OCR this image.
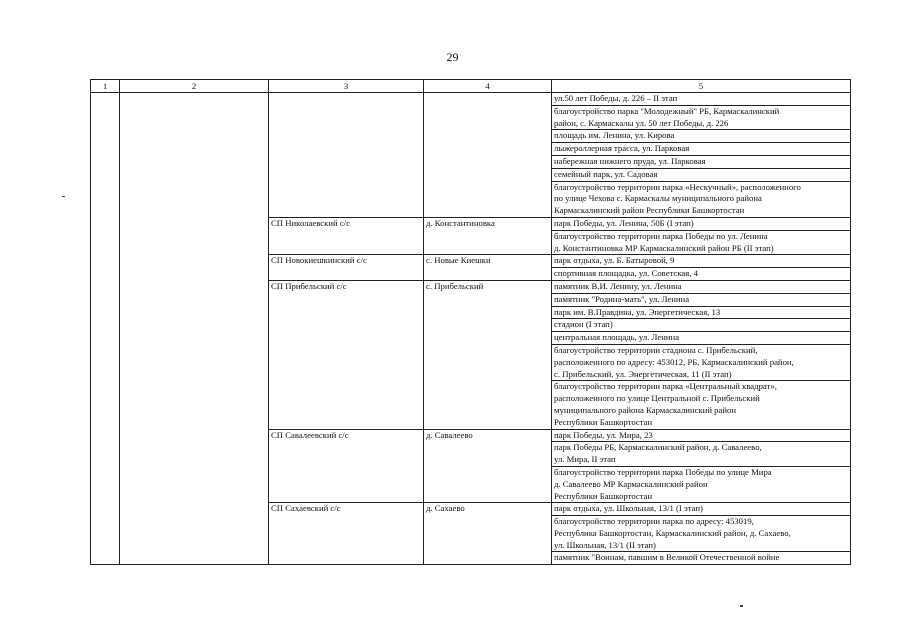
29
1	2	3	4	5

				ул.50 лет Победы, д. 226 – II этап

				благоустройство парка "Молодежный" РБ, Кармаскалинский
район, с. Кармаскалы ул. 50 лет Победы, д. 226

				площадь им. Ленина, ул. Кирова

				лыжероллерная трасса, ул. Парковая

				набережная нижнего пруда, ул. Парковая

				семейный парк, ул. Садовая

				благоустройство территории парка «Нескучный», расположенного
по улице Чехова с. Кармаскалы муниципального района
Кармаскалинский район Республики Башкортостан

		СП Николаевский с/с	д. Константиновка	парк Победы, ул. Ленина, 50Б (I этап)

				благоустройство территории парка Победы по ул. Ленина
д. Константиновка МР Кармаскалинский район РБ (II этап)

		СП Новокиешкинский с/с	с. Новые Киешки	парк отдыха, ул. Б. Батыровой, 9

				спортивная площадка, ул. Советская, 4

		СП Прибельский с/с	с. Прибельский	памятник В.И. Ленину, ул. Ленина

				памятник "Родина-мать", ул. Ленина

				парк им. В.Правдина, ул. Энергетическая, 13

				стадион (I этап)

				центральная площадь, ул. Ленина

				благоустройство территории стадиона с. Прибельский,
расположенного по адресу: 453012, РБ, Кармаскалинский район,
с. Прибельский, ул. Энергетическая, 11 (II этап)

				благоустройство территории парка «Центральный квадрат»,
расположенного по улице Центральной с. Прибельский
муниципального района Кармаскалинский район
Республики Башкортостан

		СП Савалеевский с/с	д. Савалеево	парк Победы, ул. Мира, 23

				парк Победы РБ, Кармаскалинский район, д. Савалеево,
ул. Мира, II этап

				благоустройство территории парка Победы по улице Мира
д. Савалеево МР Кармаскалинский район
Республики Башкортостан

		СП Сахаевский с/с	д. Сахаево	парк отдыха, ул. Школьная, 13/1 (I этап)

				благоустройство территории парка по адресу: 453019,
Республика Башкортостан, Кармаскалинский район, д. Сахаево,
ул. Школьная, 13/1 (II этап)

				памятник "Воинам, павшим в Великой Отечественной войне
